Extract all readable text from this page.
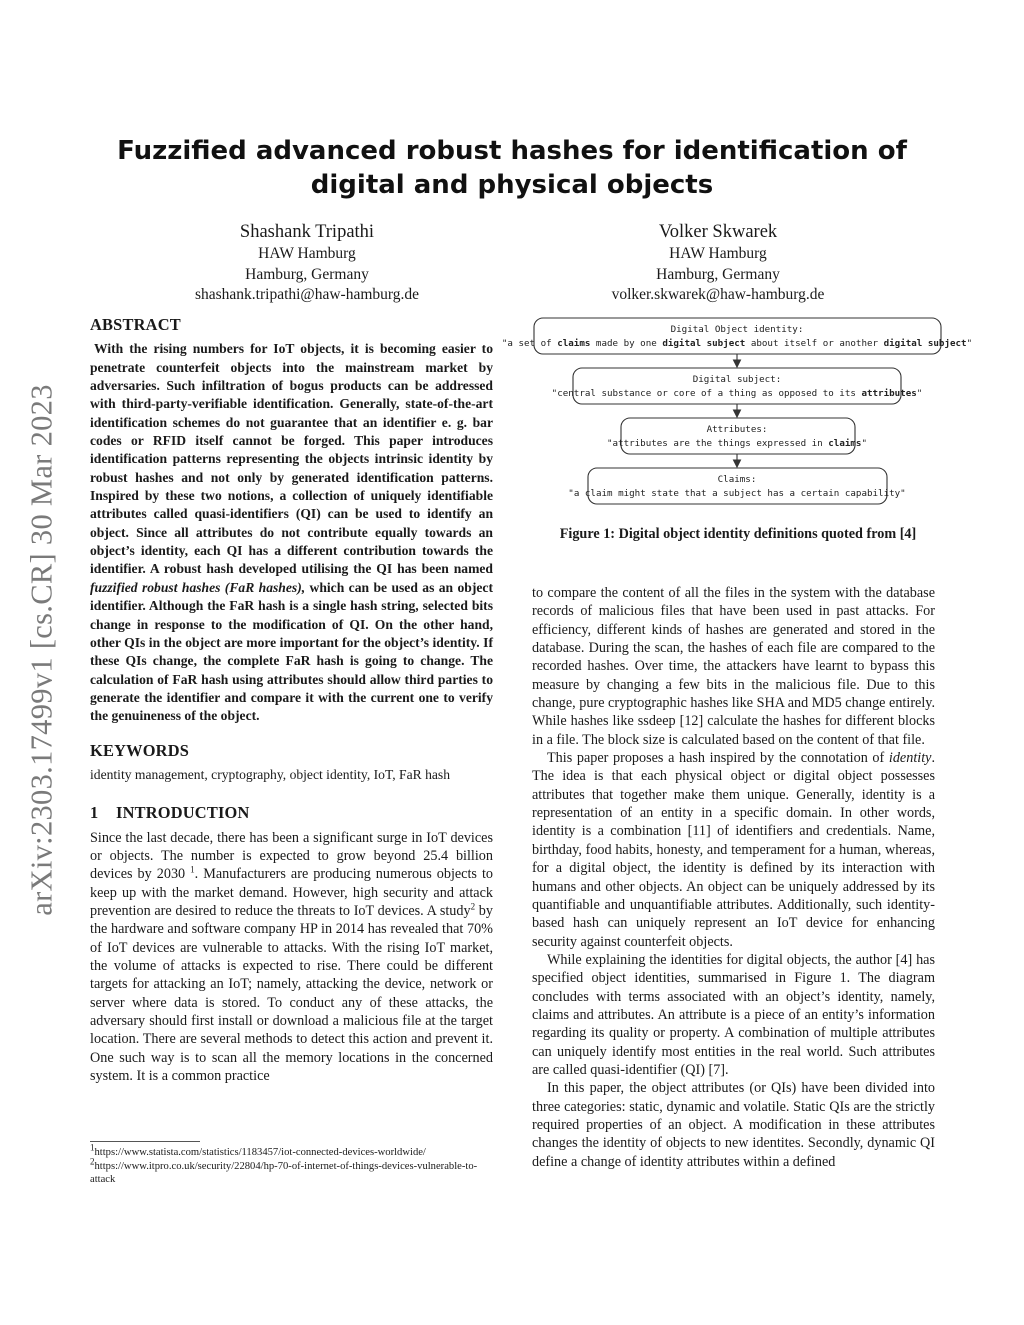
arXiv:2303.17499v1 [cs.CR] 30 Mar 2023
Fuzzified advanced robust hashes for identification of digital and physical objects
Shashank Tripathi
HAW Hamburg
Hamburg, Germany
shashank.tripathi@haw-hamburg.de
Volker Skwarek
HAW Hamburg
Hamburg, Germany
volker.skwarek@haw-hamburg.de
ABSTRACT

With the rising numbers for IoT objects, it is becoming easier to penetrate counterfeit objects into the mainstream market by adversaries. Such infiltration of bogus products can be addressed with third-party-verifiable identification. Generally, state-of-the-art identification schemes do not guarantee that an identifier e. g. bar codes or RFID itself cannot be forged. This paper introduces identification patterns representing the objects intrinsic identity by robust hashes and not only by generated identification patterns. Inspired by these two notions, a collection of uniquely identifiable attributes called quasi-identifiers (QI) can be used to identify an object. Since all attributes do not contribute equally towards an object’s identity, each QI has a different contribution towards the identifier. A robust hash developed utilising the QI has been named fuzzified robust hashes (FaR hashes), which can be used as an object identifier. Although the FaR hash is a single hash string, selected bits change in response to the modification of QI. On the other hand, other QIs in the object are more important for the object’s identity. If these QIs change, the complete FaR hash is going to change. The calculation of FaR hash using attributes should allow third parties to generate the identifier and compare it with the current one to verify the genuineness of the object.

KEYWORDS

identity management, cryptography, object identity, IoT, FaR hash

1 INTRODUCTION

Since the last decade, there has been a significant surge in IoT devices or objects. The number is expected to grow beyond 25.4 billion devices by 2030 $^1$. Manufacturers are producing numerous objects to keep up with the market demand. However, high security and attack prevention are desired to reduce the threats to IoT devices. A study$^2$ by the hardware and software company HP in 2014 has revealed that 70% of IoT devices are vulnerable to attacks. With the rising IoT market, the volume of attacks is expected to rise. There could be different targets for attacking an IoT; namely, attacking the device, network or server where data is stored. To conduct any of these attacks, the adversary should first install or download a malicious file at the target location. There are several methods to detect this action and prevent it. One such way is to scan all the memory locations in the concerned system. It is a common practice

$^1$https://www.statista.com/statistics/1183457/iot-connected-devices-worldwide/
$^2$https://www.itpro.co.uk/security/22804/hp-70-of-internet-of-things-devices-vulnerable-to-attack
Digital Object identity:
"a set of claims made by one digital subject about itself or another digital subject"
Digital subject:
"central substance or core of a thing as opposed to its attributes"
Attributes:
"attributes are the things expressed in claims"
Claims:
"a claim might state that a subject has a certain capability"
Figure 1: Digital object identity definitions quoted from [4]

to compare the content of all the files in the system with the database records of malicious files that have been used in past attacks. For efficiency, different kinds of hashes are generated and stored in the database. During the scan, the hashes of each file are compared to the recorded hashes. Over time, the attackers have learnt to bypass this measure by changing a few bits in the malicious file. Due to this change, pure cryptographic hashes like SHA and MD5 change entirely. While hashes like ssdeep [12] calculate the hashes for different blocks in a file. The block size is calculated based on the content of that file.

This paper proposes a hash inspired by the connotation of identity. The idea is that each physical object or digital object possesses attributes that together make them unique. Generally, identity is a representation of an entity in a specific domain. In other words, identity is a combination [11] of identifiers and credentials. Name, birthday, food habits, honesty, and temperament for a human, whereas, for a digital object, the identity is defined by its interaction with humans and other objects. An object can be uniquely addressed by its quantifiable and unquantifiable attributes. Additionally, such identity-based hash can uniquely represent an IoT device for enhancing security against counterfeit objects.

While explaining the identities for digital objects, the author [4] has specified object identities, summarised in Figure 1. The diagram concludes with terms associated with an object’s identity, namely, claims and attributes. An attribute is a piece of an entity’s information regarding its quality or property. A combination of multiple attributes can uniquely identify most entities in the real world. Such attributes are called quasi-identifier (QI) [7].

In this paper, the object attributes (or QIs) have been divided into three categories: static, dynamic and volatile. Static QIs are the strictly required properties of an object. A modification in these attributes changes the identity of objects to new identites. Secondly, dynamic QI define a change of identity attributes within a defined
